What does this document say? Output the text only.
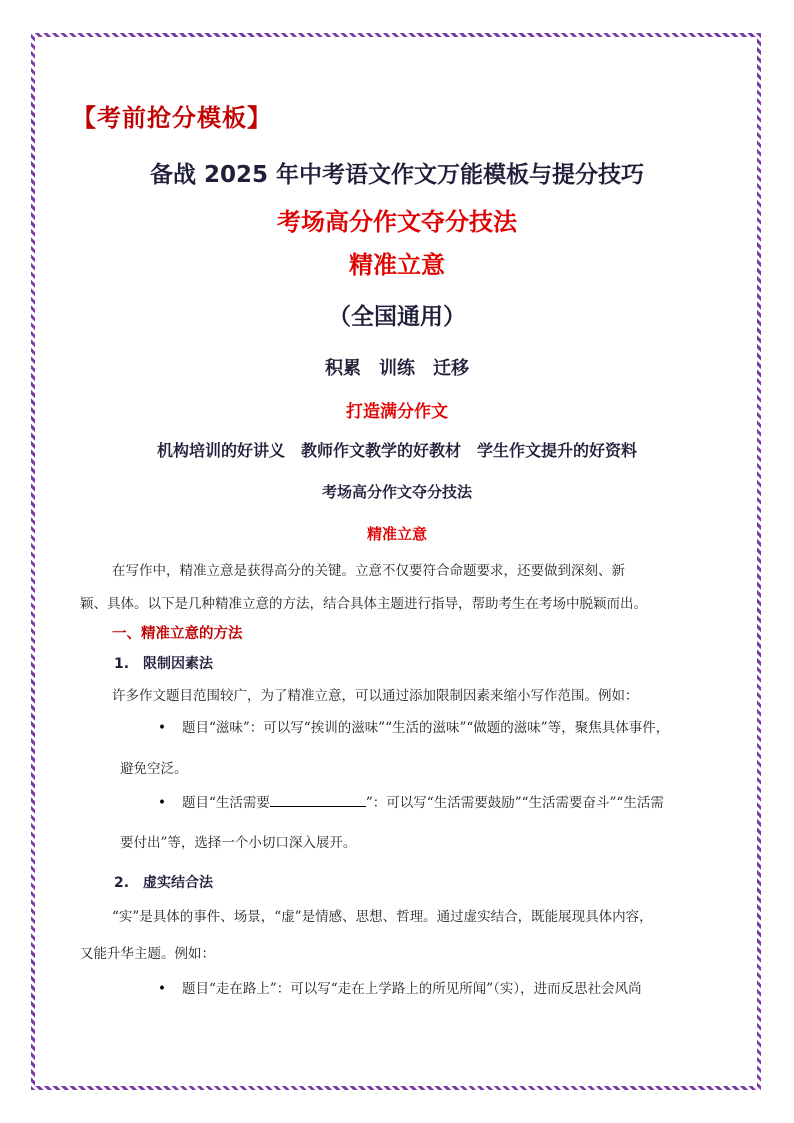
【考前抢分模板】
备战 2025 年中考语文作文万能模板与提分技巧
考场高分作文夺分技法
精准立意
（全国通用）
积累　训练　迁移
打造满分作文
机构培训的好讲义　教师作文教学的好教材　学生作文提升的好资料
考场高分作文夺分技法
精准立意
在写作中，精准立意是获得高分的关键。立意不仅要符合命题要求，还要做到深刻、新
颖、具体。以下是几种精准立意的方法，结合具体主题进行指导，帮助考生在考场中脱颖而出。
一、精准立意的方法
1.　限制因素法
许多作文题目范围较广，为了精准立意，可以通过添加限制因素来缩小写作范围。例如：
• 题目“滋味”：可以写“挨训的滋味”“生活的滋味”“做题的滋味”等，聚焦具体事件，
避免空泛。
• 题目“生活需要	”：可以写“生活需要鼓励”“生活需要奋斗”“生活需
要付出”等，选择一个小切口深入展开。
2.　虚实结合法
“实”是具体的事件、场景，“虚”是情感、思想、哲理。通过虚实结合，既能展现具体内容，
又能升华主题。例如：
• 题目“走在路上”：可以写“走在上学路上的所见所闻”（实），进而反思社会风尚
